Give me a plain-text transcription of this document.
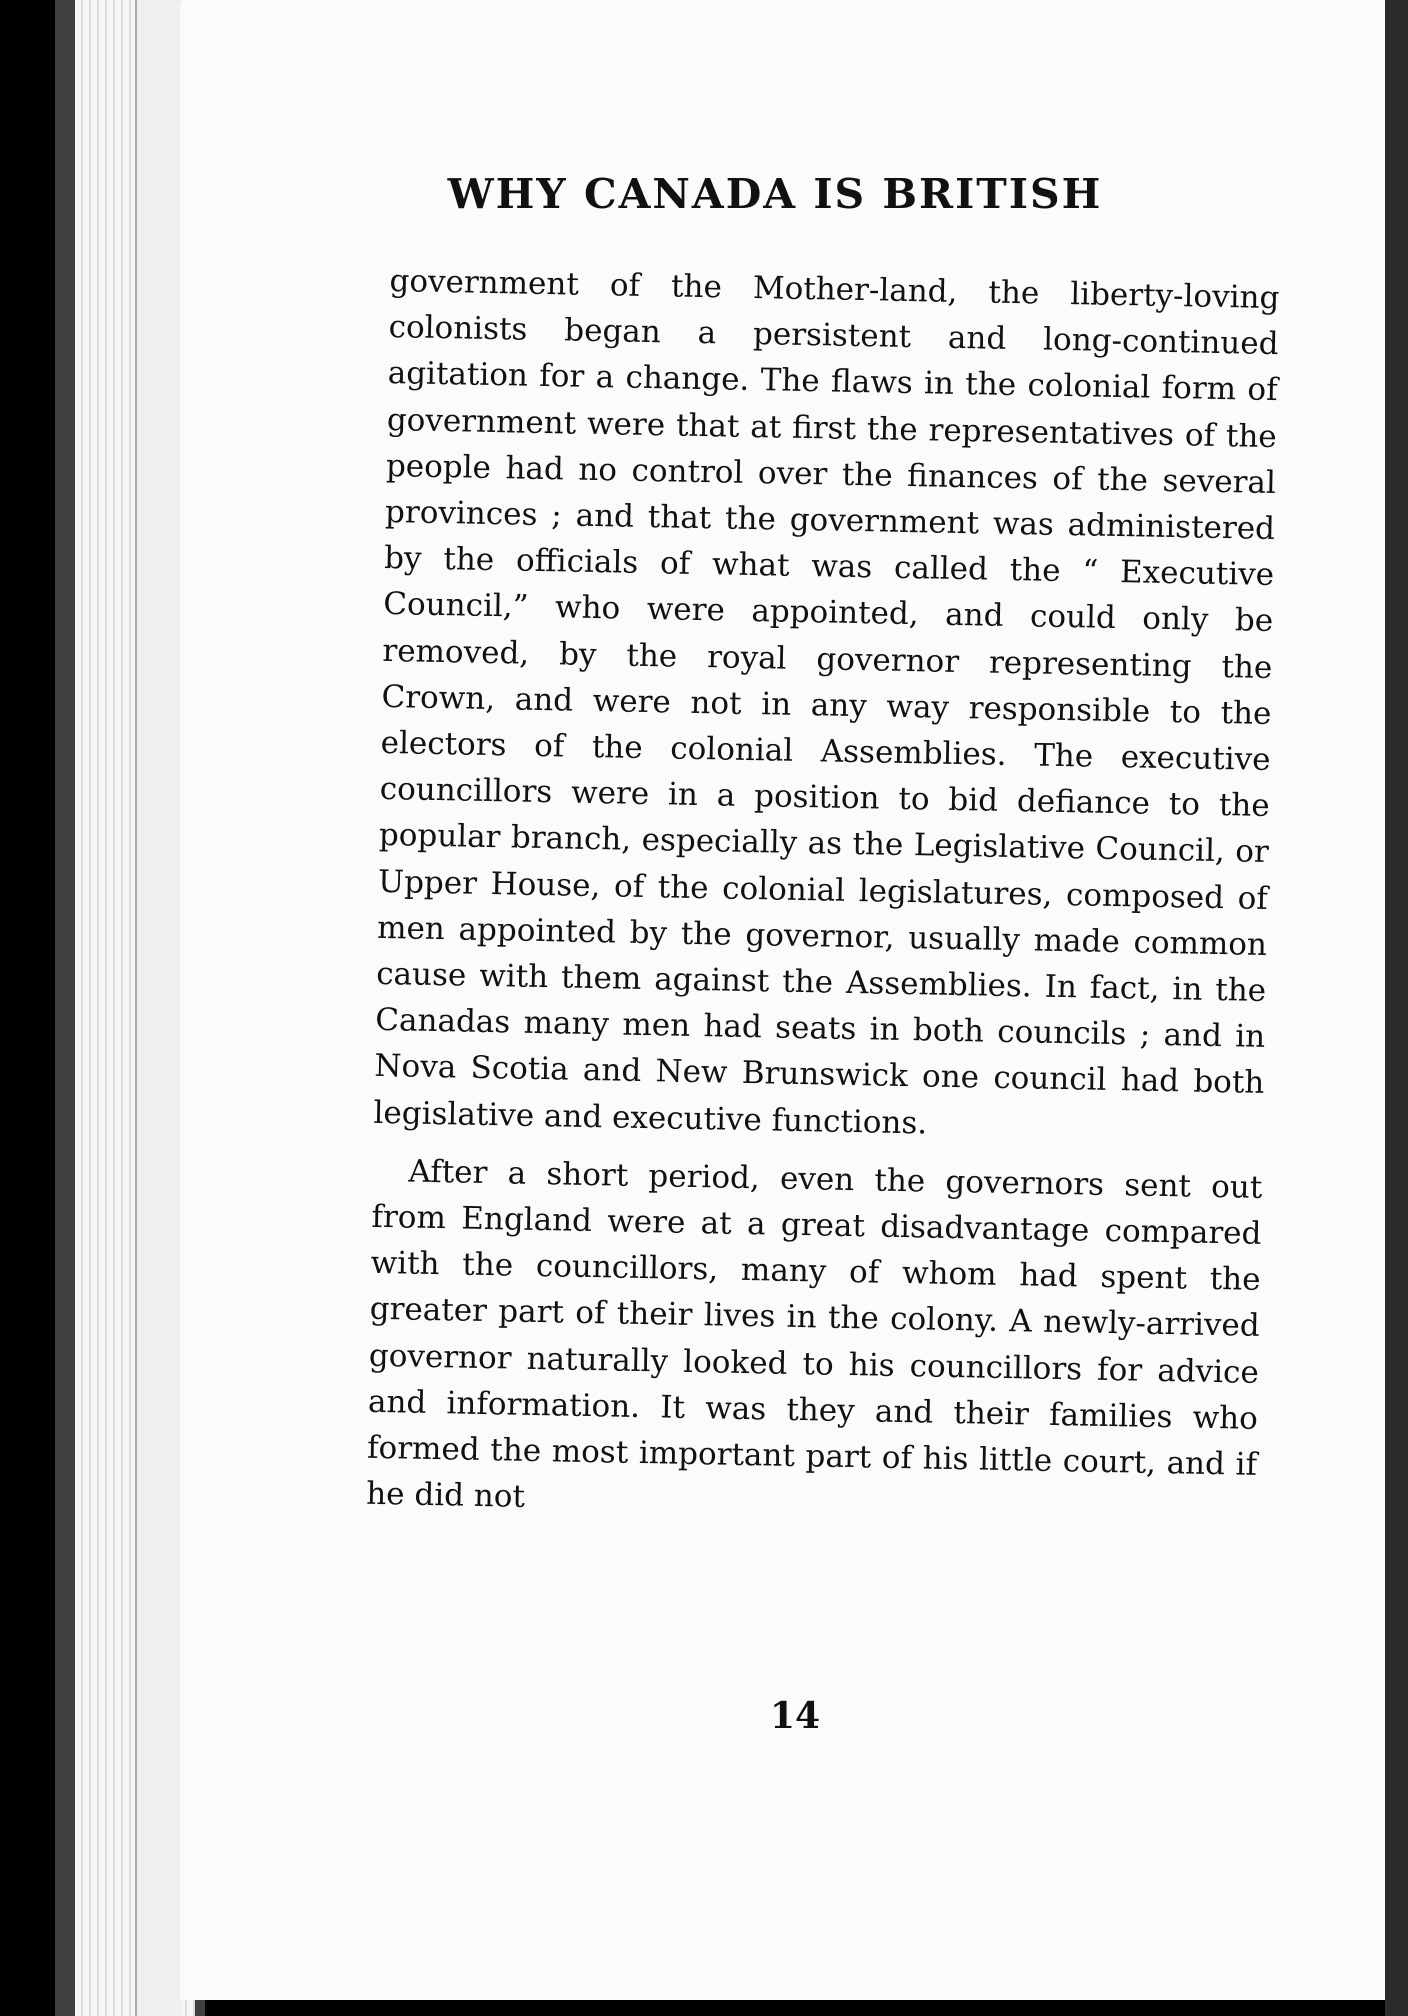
WHY CANADA IS BRITISH

government of the Mother-land, the liberty-loving colonists began a persistent and long-continued agitation for a change. The flaws in the colonial form of government were that at first the representatives of the people had no control over the finances of the several provinces ; and that the government was administered by the officials of what was called the “ Executive Council,” who were appointed, and could only be removed, by the royal governor representing the Crown, and were not in any way responsible to the electors of the colonial Assemblies. The executive councillors were in a position to bid defiance to the popular branch, especially as the Legislative Council, or Upper House, of the colonial legislatures, composed of men appointed by the governor, usually made common cause with them against the Assemblies. In fact, in the Canadas many men had seats in both councils ; and in Nova Scotia and New Brunswick one council had both legislative and executive functions.

After a short period, even the governors sent out from England were at a great disadvantage compared with the councillors, many of whom had spent the greater part of their lives in the colony. A newly-arrived governor naturally looked to his councillors for advice and information. It was they and their families who formed the most important part of his little court, and if he did not

14
